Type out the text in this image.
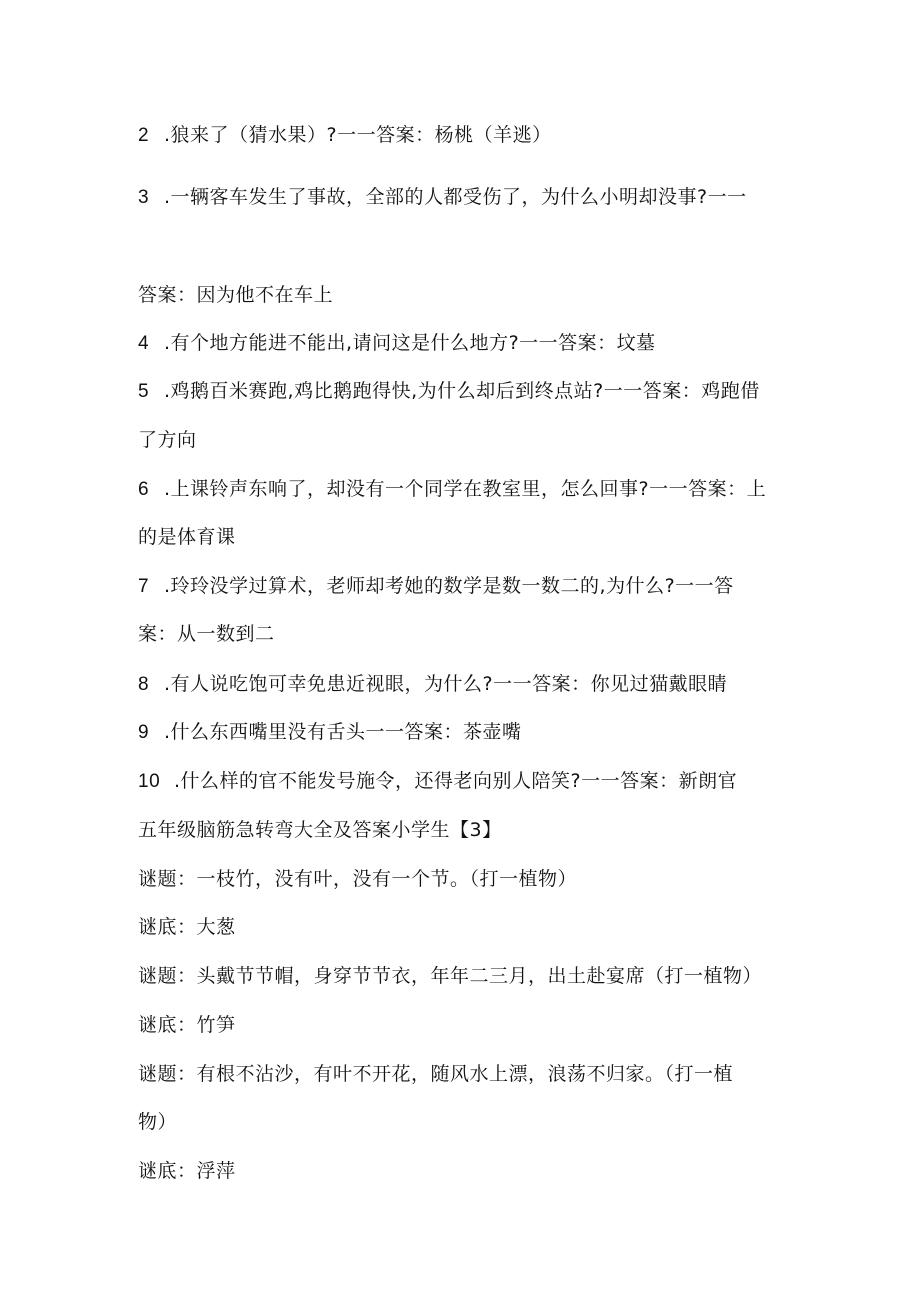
2 .狼来了（猜水果）?一一答案：杨桃（羊逃）
3 .一辆客车发生了事故，全部的人都受伤了，为什么小明却没事?一一
答案：因为他不在车上
4 .有个地方能进不能出,请问这是什么地方?一一答案：坟墓
5 .鸡鹅百米赛跑,鸡比鹅跑得快,为什么却后到终点站?一一答案：鸡跑借
了方向
6 .上课铃声东响了，却没有一个同学在教室里，怎么回事?一一答案：上
的是体育课
7 .玲玲没学过算术，老师却考她的数学是数一数二的,为什么?一一答
案：从一数到二
8 .有人说吃饱可幸免患近视眼，为什么?一一答案：你见过猫戴眼睛
9 .什么东西嘴里没有舌头一一答案：茶壶嘴
10 .什么样的官不能发号施令，还得老向别人陪笑?一一答案：新朗官
五年级脑筋急转弯大全及答案小学生【3】
谜题：一枝竹，没有叶，没有一个节。（打一植物）
谜底：大葱
谜题：头戴节节帽，身穿节节衣，年年二三月，出土赴宴席（打一植物）
谜底：竹笋
谜题：有根不沾沙，有叶不开花，随风水上漂，浪荡不归家。（打一植
物）
谜底：浮萍
